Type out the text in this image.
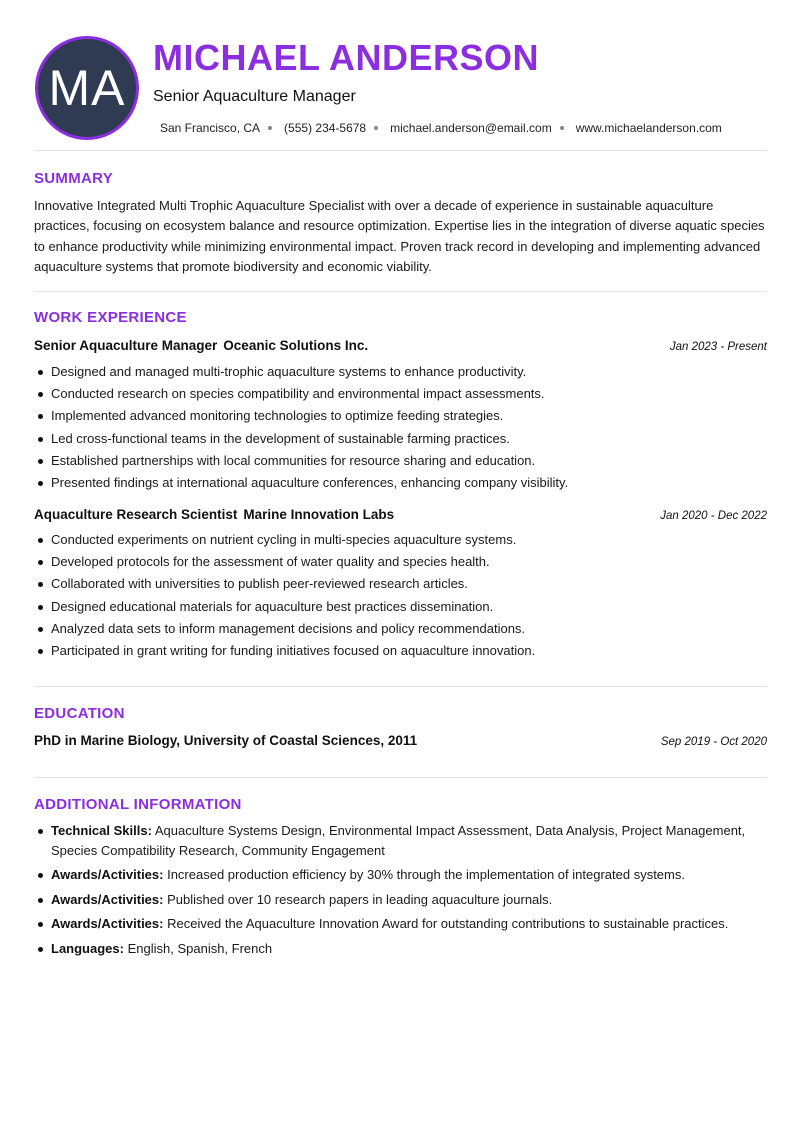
MA
MICHAEL ANDERSON
Senior Aquaculture Manager
San Francisco, CA (555) 234-5678 michael.anderson@email.com www.michaelanderson.com
SUMMARY

Innovative Integrated Multi Trophic Aquaculture Specialist with over a decade of experience in sustainable aquaculture practices, focusing on ecosystem balance and resource optimization. Expertise lies in the integration of diverse aquatic species to enhance productivity while minimizing environmental impact. Proven track record in developing and implementing advanced aquaculture systems that promote biodiversity and economic viability.

WORK EXPERIENCE
Senior Aquaculture Manager Oceanic Solutions Inc.	Jan 2023 - Present
Designed and managed multi-trophic aquaculture systems to enhance productivity.
Conducted research on species compatibility and environmental impact assessments.
Implemented advanced monitoring technologies to optimize feeding strategies.
Led cross-functional teams in the development of sustainable farming practices.
Established partnerships with local communities for resource sharing and education.
Presented findings at international aquaculture conferences, enhancing company visibility.
Aquaculture Research Scientist Marine Innovation Labs	Jan 2020 - Dec 2022
Conducted experiments on nutrient cycling in multi-species aquaculture systems.
Developed protocols for the assessment of water quality and species health.
Collaborated with universities to publish peer-reviewed research articles.
Designed educational materials for aquaculture best practices dissemination.
Analyzed data sets to inform management decisions and policy recommendations.
Participated in grant writing for funding initiatives focused on aquaculture innovation.
EDUCATION
PhD in Marine Biology, University of Coastal Sciences, 2011	Sep 2019 - Oct 2020
ADDITIONAL INFORMATION
Technical Skills: Aquaculture Systems Design, Environmental Impact Assessment, Data Analysis, Project Management, Species Compatibility Research, Community Engagement
Awards/Activities: Increased production efficiency by 30% through the implementation of integrated systems.
Awards/Activities: Published over 10 research papers in leading aquaculture journals.
Awards/Activities: Received the Aquaculture Innovation Award for outstanding contributions to sustainable practices.
Languages: English, Spanish, French
